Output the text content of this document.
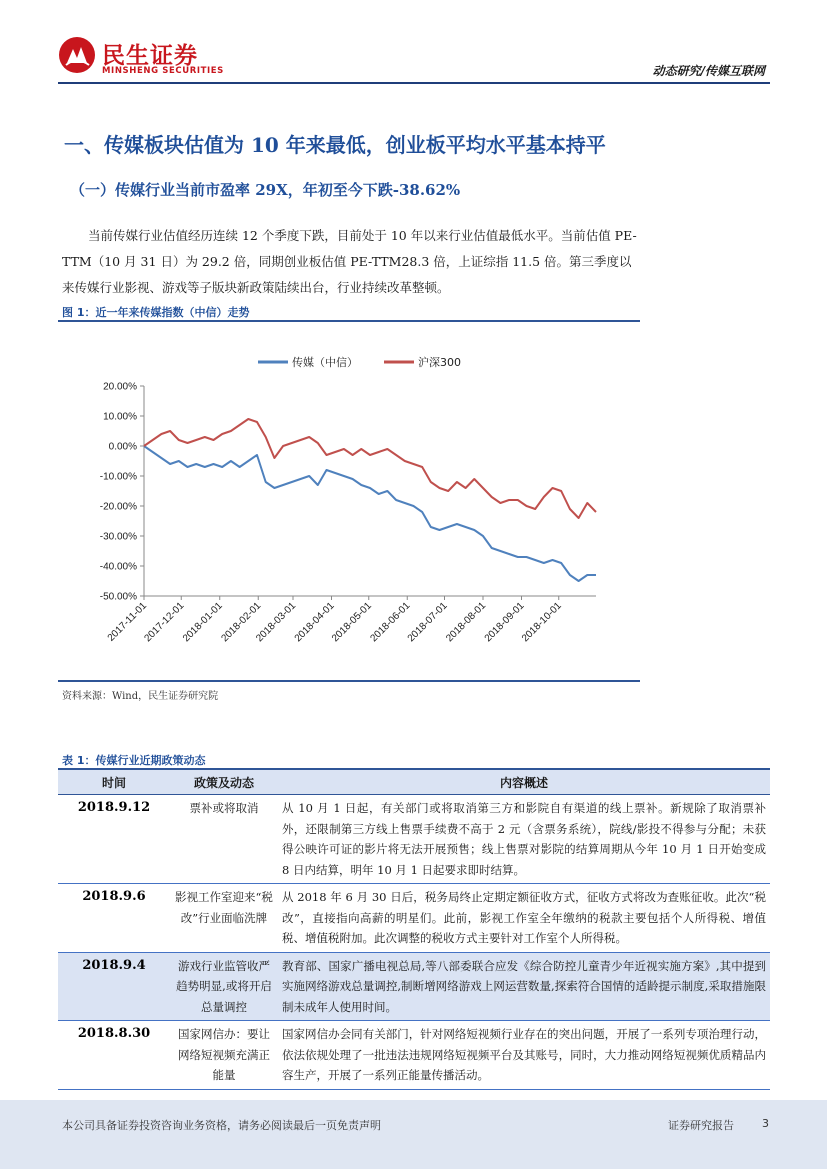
民生证券
MINSHENG SECURITIES	动态研究/传媒互联网
一、传媒板块估值为 10 年来最低，创业板平均水平基本持平
（一）传媒行业当前市盈率 29X，年初至今下跌-38.62%
当前传媒行业估值经历连续 12 个季度下跌，目前处于 10 年以来行业估值最低水平。当前估值 PE-TTM（10 月 31 日）为 29.2 倍，同期创业板估值 PE-TTM28.3 倍，上证综指 11.5 倍。第三季度以来传媒行业影视、游戏等子版块新政策陆续出台，行业持续改革整顿。
图 1：近一年来传媒指数（中信）走势
传媒（中信）	沪深300
20.00%
10.00%
0.00%
-10.00%
-20.00%
-30.00%
-40.00%
-50.00%
2017-11-01
2017-12-01
2018-01-01
2018-02-01
2018-03-01
2018-04-01
2018-05-01
2018-06-01
2018-07-01
2018-08-01
2018-09-01
2018-10-01
资料来源：Wind，民生证券研究院
表 1：传媒行业近期政策动态
时间	政策及动态	内容概述
2018.9.12	票补或将取消	从 10 月 1 日起，有关部门或将取消第三方和影院自有渠道的线上票补。新规除了取消票补外，还限制第三方线上售票手续费不高于 2 元（含票务系统），院线/影投不得参与分配；未获得公映许可证的影片将无法开展预售；线上售票对影院的结算周期从今年 10 月 1 日开始变成 8 日内结算，明年 10 月 1 日起要求即时结算。
2018.9.6	影视工作室迎来“税改”行业面临洗牌	从 2018 年 6 月 30 日后，税务局终止定期定额征收方式，征收方式将改为查账征收。此次“税改”，直接指向高薪的明星们。此前，影视工作室全年缴纳的税款主要包括个人所得税、增值税、增值税附加。此次调整的税收方式主要针对工作室个人所得税。
2018.9.4	游戏行业监管收严趋势明显,或将开启总量调控	教育部、国家广播电视总局,等八部委联合应发《综合防控儿童青少年近视实施方案》,其中提到实施网络游戏总量调控,制断增网络游戏上网运营数量,探索符合国情的适龄提示制度,采取措施限制未成年人使用时间。
2018.8.30	国家网信办：要让网络短视频充满正能量	国家网信办会同有关部门，针对网络短视频行业存在的突出问题，开展了一系列专项治理行动，依法依规处理了一批违法违规网络短视频平台及其账号，同时，大力推动网络短视频优质精品内容生产，开展了一系列正能量传播活动。
本公司具备证券投资咨询业务资格，请务必阅读最后一页免责声明	证券研究报告	3
